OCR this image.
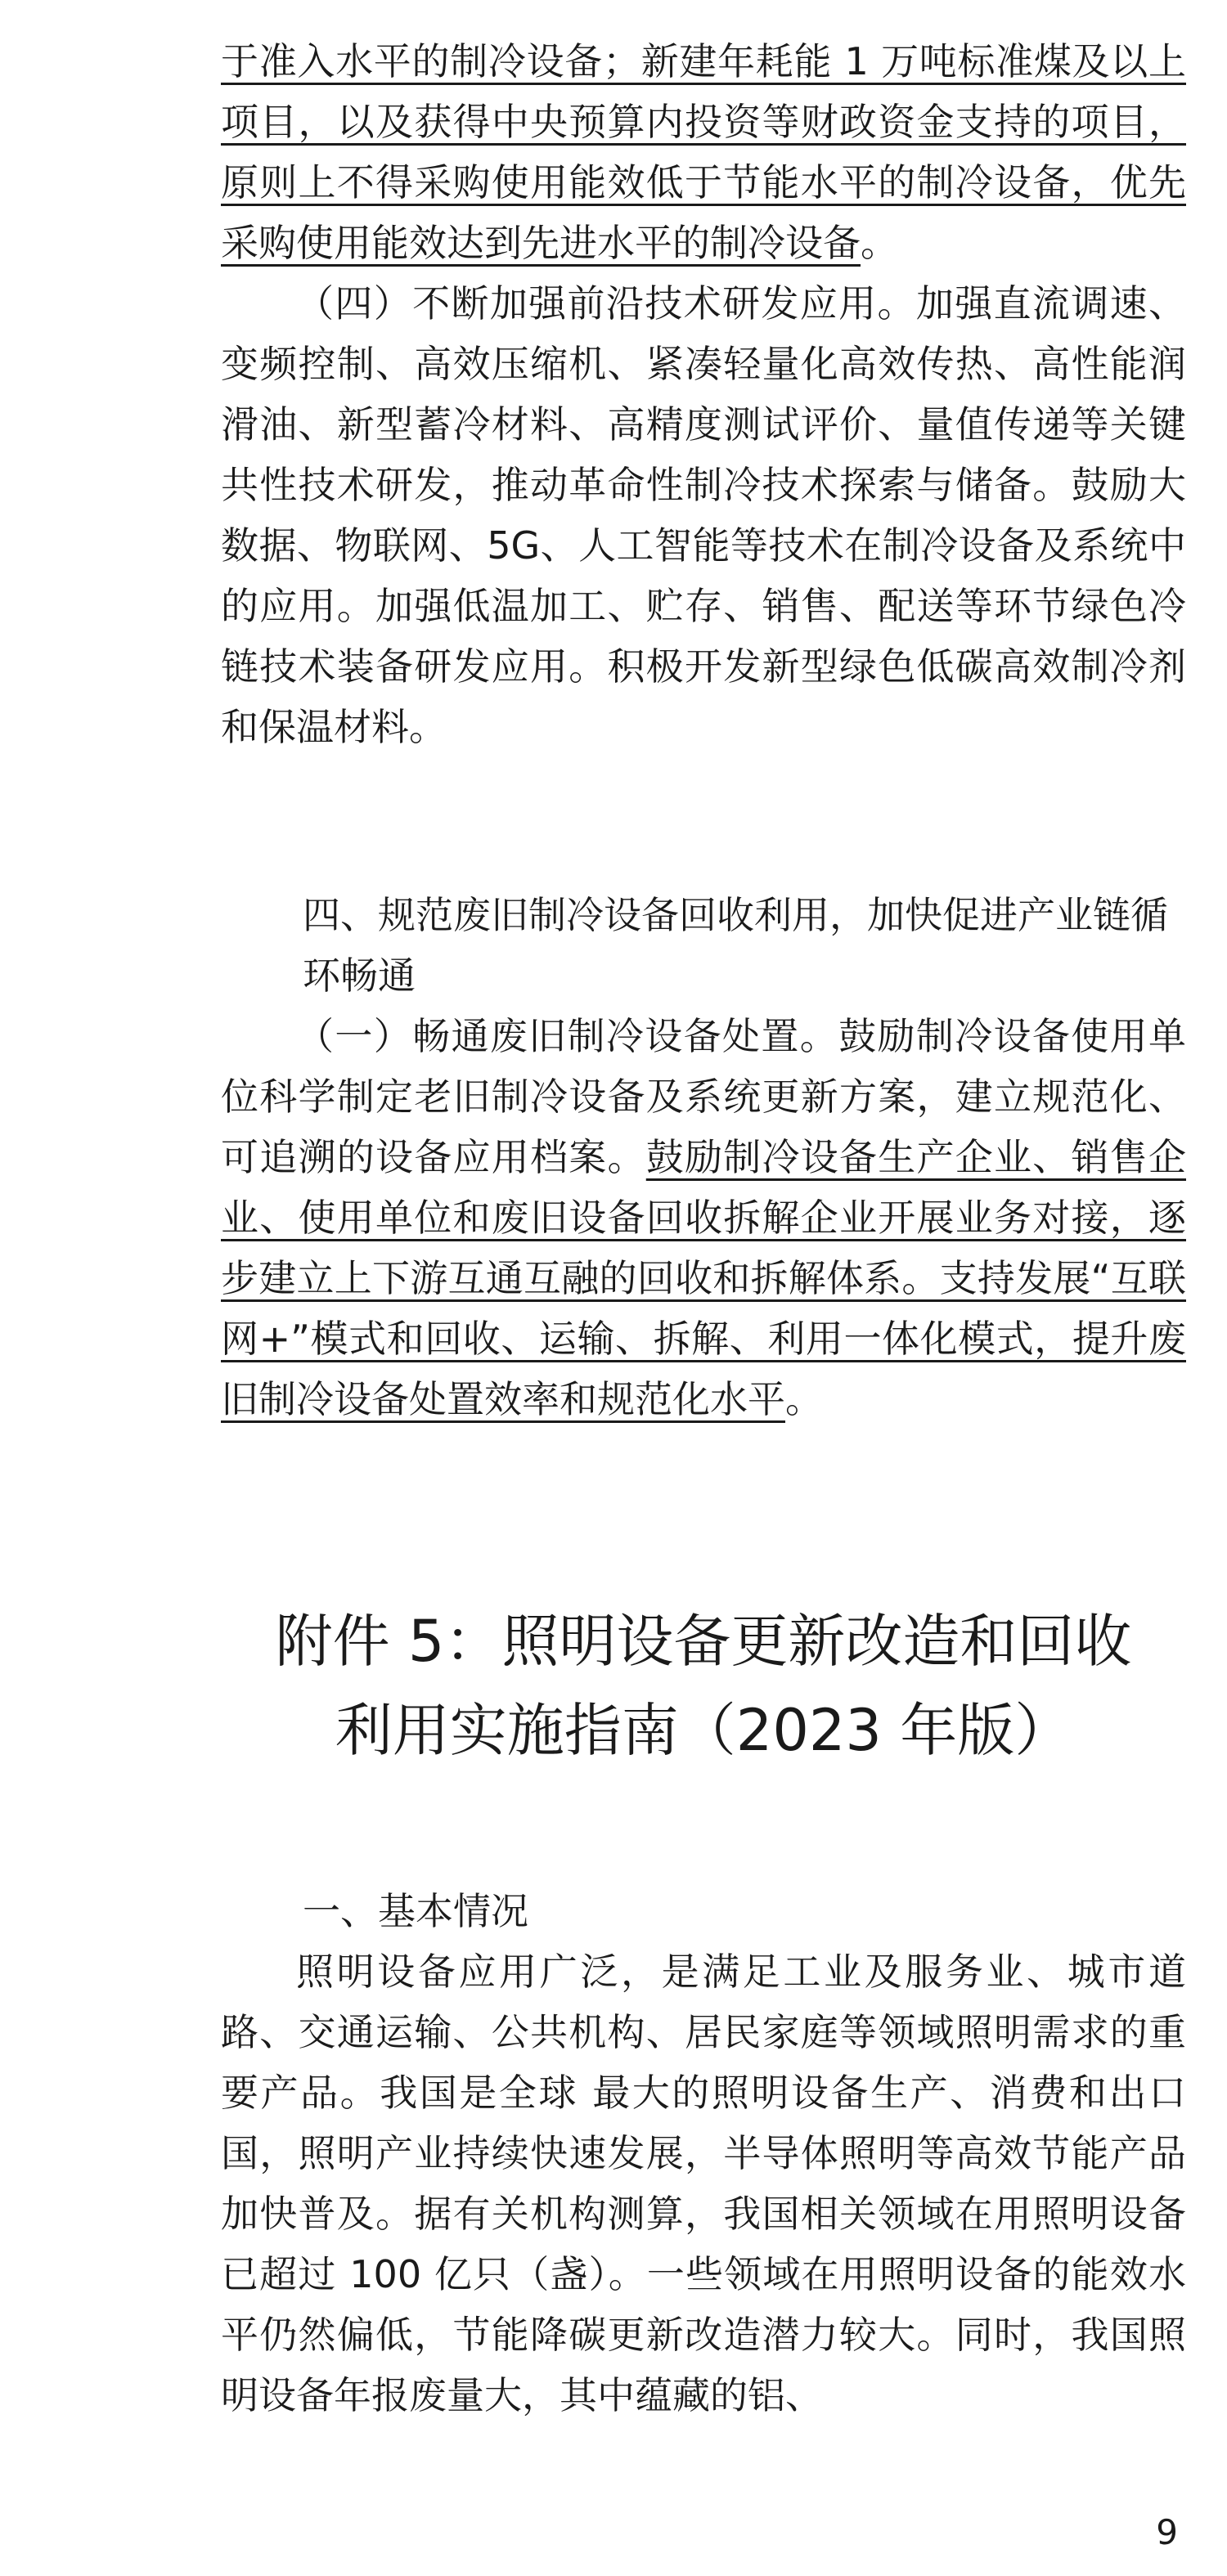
于准入水平的制冷设备；新建年耗能 1 万吨标准煤及以上项目，以及获得中央预算内投资等财政资金支持的项目，原则上不得采购使用能效低于节能水平的制冷设备，优先采购使用能效达到先进水平的制冷设备。

（四）不断加强前沿技术研发应用。加强直流调速、变频控制、高效压缩机、紧凑轻量化高效传热、高性能润滑油、新型蓄冷材料、高精度测试评价、量值传递等关键共性技术研发，推动革命性制冷技术探索与储备。鼓励大数据、物联网、5G、人工智能等技术在制冷设备及系统中的应用。加强低温加工、贮存、销售、配送等环节绿色冷链技术装备研发应用。积极开发新型绿色低碳高效制冷剂和保温材料。

四、规范废旧制冷设备回收利用，加快促进产业链循环畅通

（一）畅通废旧制冷设备处置。鼓励制冷设备使用单位科学制定老旧制冷设备及系统更新方案，建立规范化、可追溯的设备应用档案。鼓励制冷设备生产企业、销售企业、使用单位和废旧设备回收拆解企业开展业务对接，逐步建立上下游互通互融的回收和拆解体系。支持发展“互联网+”模式和回收、运输、拆解、利用一体化模式，提升废旧制冷设备处置效率和规范化水平。

附件 5：照明设备更新改造和回收
利用实施指南（2023 年版）

一、基本情况

照明设备应用广泛，是满足工业及服务业、城市道路、交通运输、公共机构、居民家庭等领域照明需求的重要产品。我国是全球 最大的照明设备生产、消费和出口国，照明产业持续快速发展，半导体照明等高效节能产品加快普及。据有关机构测算，我国相关领域在用照明设备已超过 100 亿只（盏）。一些领域在用照明设备的能效水平仍然偏低，节能降碳更新改造潜力较大。同时，我国照明设备年报废量大，其中蕴藏的铝、

9
